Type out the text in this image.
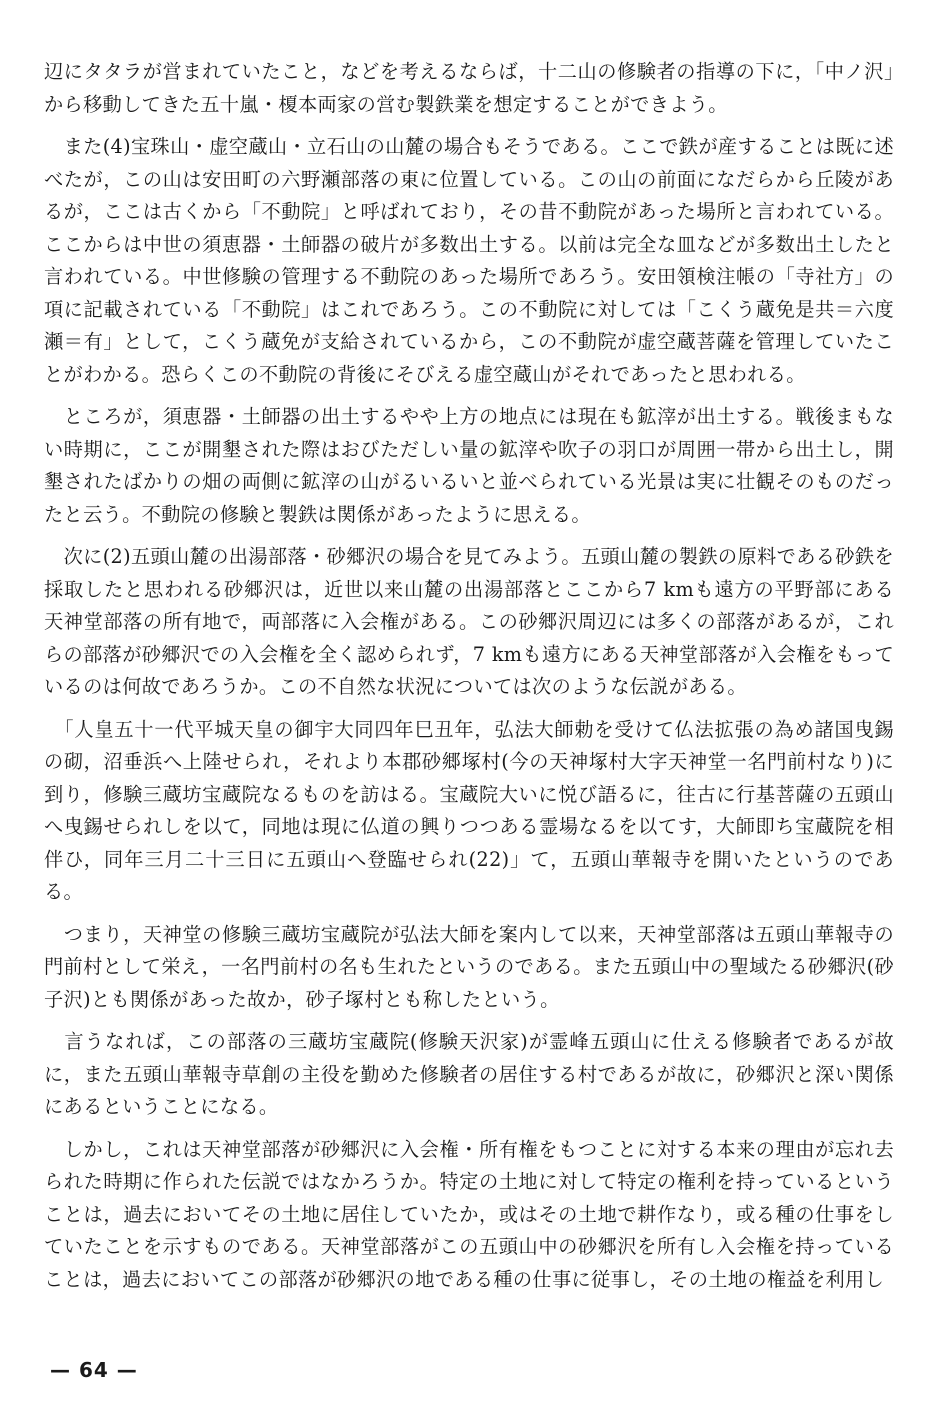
辺にタタラが営まれていたこと，などを考えるならば，十二山の修験者の指導の下に，「中ノ沢」から移動してきた五十嵐・榎本両家の営む製鉄業を想定することができよう。

　また(4)宝珠山・虚空蔵山・立石山の山麓の場合もそうである。ここで鉄が産することは既に述べたが，この山は安田町の六野瀬部落の東に位置している。この山の前面になだらから丘陵があるが，ここは古くから「不動院」と呼ばれており，その昔不動院があった場所と言われている。ここからは中世の須恵器・土師器の破片が多数出土する。以前は完全な皿などが多数出土したと言われている。中世修験の管理する不動院のあった場所であろう。安田領検注帳の「寺社方」の項に記載されている「不動院」はこれであろう。この不動院に対しては「こくう蔵免是共＝六度瀬＝有」として，こくう蔵免が支給されているから，この不動院が虚空蔵菩薩を管理していたことがわかる。恐らくこの不動院の背後にそびえる虚空蔵山がそれであったと思われる。

　ところが，須恵器・土師器の出土するやや上方の地点には現在も鉱滓が出土する。戦後まもない時期に，ここが開墾された際はおびただしい量の鉱滓や吹子の羽口が周囲一帯から出土し，開墾されたばかりの畑の両側に鉱滓の山がるいるいと並べられている光景は実に壮観そのものだったと云う。不動院の修験と製鉄は関係があったように思える。

　次に(2)五頭山麓の出湯部落・砂郷沢の場合を見てみよう。五頭山麓の製鉄の原料である砂鉄を採取したと思われる砂郷沢は，近世以来山麓の出湯部落とここから7 kmも遠方の平野部にある天神堂部落の所有地で，両部落に入会権がある。この砂郷沢周辺には多くの部落があるが，これらの部落が砂郷沢での入会権を全く認められず，7 kmも遠方にある天神堂部落が入会権をもっているのは何故であろうか。この不自然な状況については次のような伝説がある。

　「人皇五十一代平城天皇の御宇大同四年巳丑年，弘法大師勅を受けて仏法拡張の為め諸国曳錫の砌，沼垂浜へ上陸せられ，それより本郡砂郷塚村(今の天神塚村大字天神堂一名門前村なり)に到り，修験三蔵坊宝蔵院なるものを訪はる。宝蔵院大いに悦び語るに，往古に行基菩薩の五頭山へ曳錫せられしを以て，同地は現に仏道の興りつつある霊場なるを以てす，大師即ち宝蔵院を相伴ひ，同年三月二十三日に五頭山へ登臨せられ(22)」て，五頭山華報寺を開いたというのである。

　つまり，天神堂の修験三蔵坊宝蔵院が弘法大師を案内して以来，天神堂部落は五頭山華報寺の門前村として栄え，一名門前村の名も生れたというのである。また五頭山中の聖域たる砂郷沢(砂子沢)とも関係があった故か，砂子塚村とも称したという。

　言うなれば，この部落の三蔵坊宝蔵院(修験天沢家)が霊峰五頭山に仕える修験者であるが故に，また五頭山華報寺草創の主役を勤めた修験者の居住する村であるが故に，砂郷沢と深い関係にあるということになる。

　しかし，これは天神堂部落が砂郷沢に入会権・所有権をもつことに対する本来の理由が忘れ去られた時期に作られた伝説ではなかろうか。特定の土地に対して特定の権利を持っているということは，過去においてその土地に居住していたか，或はその土地で耕作なり，或る種の仕事をしていたことを示すものである。天神堂部落がこの五頭山中の砂郷沢を所有し入会権を持っていることは，過去においてこの部落が砂郷沢の地である種の仕事に従事し，その土地の権益を利用し

— 64 —
